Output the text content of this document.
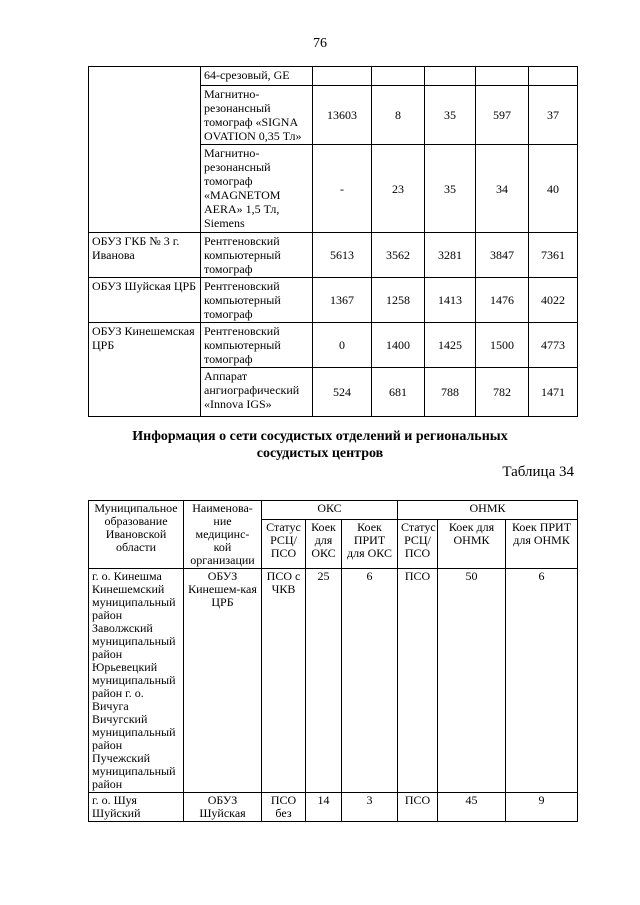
76
	64-срезовый, GE					
	Магнитно-резонансный томограф «SIGNA OVATION 0,35 Тл»	13603	8	35	597	37
	Магнитно-резонансный томограф «MAGNETOM AERA» 1,5 Тл, Siemens	-	23	35	34	40
ОБУЗ ГКБ № 3 г. Иванова	Рентгеновский компьютерный томограф	5613	3562	3281	3847	7361
ОБУЗ Шуйская ЦРБ	Рентгеновский компьютерный томограф	1367	1258	1413	1476	4022
ОБУЗ Кинешемская ЦРБ	Рентгеновский компьютерный томограф	0	1400	1425	1500	4773
	Аппарат ангиографический «Innova IGS»	524	681	788	782	1471
Информация о сети сосудистых отделений и региональных сосудистых центров
Таблица 34
Муниципальное образование Ивановской области	Наименова-ние медицинс-кой организации	ОКС			ОНМК		
		Статус РСЦ/ ПСО	Коек для ОКС	Коек ПРИТ для ОКС	Статус РСЦ/ ПСО	Коек для ОНМК	Коек ПРИТ для ОНМК
г. о. Кинешма Кинешемский муниципальный район Заволжский муниципальный район Юрьевецкий муниципальный район г. о. Вичуга Вичугский муниципальный район Пучежский муниципальный район	ОБУЗ Кинешем-кая ЦРБ	ПСО с ЧКВ	25	6	ПСО	50	6
г. о. Шуя Шуйский	ОБУЗ Шуйская	ПСО без	14	3	ПСО	45	9
